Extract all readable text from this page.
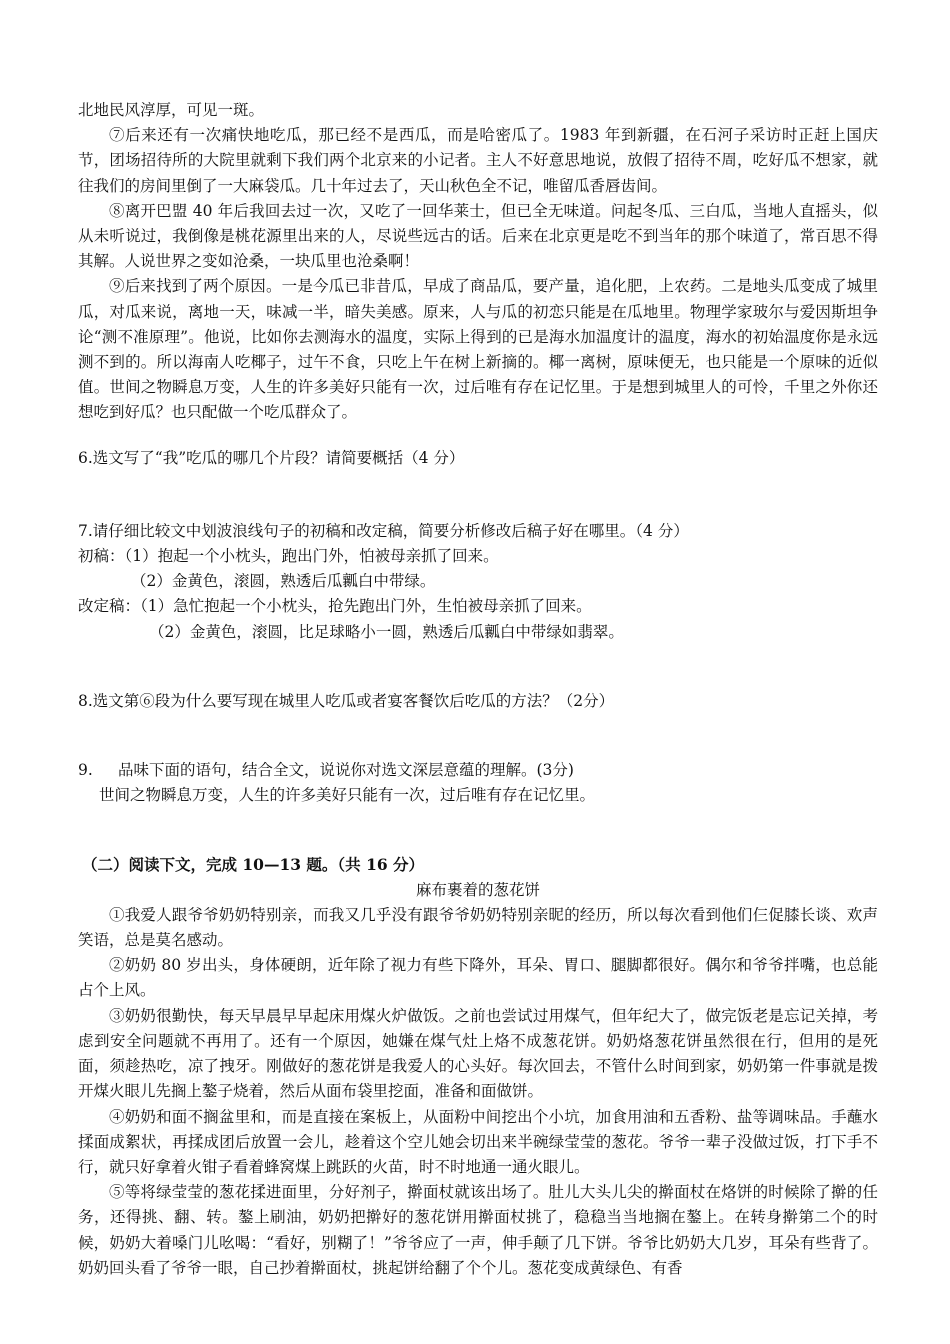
北地民风淳厚，可见一斑。

⑦后来还有一次痛快地吃瓜，那已经不是西瓜，而是哈密瓜了。1983 年到新疆，在石河子采访时正赶上国庆节，团场招待所的大院里就剩下我们两个北京来的小记者。主人不好意思地说，放假了招待不周，吃好瓜不想家，就往我们的房间里倒了一大麻袋瓜。几十年过去了，天山秋色全不记，唯留瓜香唇齿间。

⑧离开巴盟 40 年后我回去过一次，又吃了一回华莱士，但已全无味道。问起冬瓜、三白瓜，当地人直摇头，似从未听说过，我倒像是桃花源里出来的人，尽说些远古的话。后来在北京更是吃不到当年的那个味道了，常百思不得其解。人说世界之变如沧桑，一块瓜里也沧桑啊！

⑨后来找到了两个原因。一是今瓜已非昔瓜，早成了商品瓜，要产量，追化肥，上农药。二是地头瓜变成了城里瓜，对瓜来说，离地一天，味减一半，暗失美感。原来，人与瓜的初恋只能是在瓜地里。物理学家玻尔与爱因斯坦争论“测不准原理”。他说，比如你去测海水的温度，实际上得到的已是海水加温度计的温度，海水的初始温度你是永远测不到的。所以海南人吃椰子，过午不食，只吃上午在树上新摘的。椰一离树，原味便无，也只能是一个原味的近似值。世间之物瞬息万变，人生的许多美好只能有一次，过后唯有存在记忆里。于是想到城里人的可怜，千里之外你还想吃到好瓜？也只配做一个吃瓜群众了。

6.选文写了“我”吃瓜的哪几个片段？请简要概括（4 分）

7.请仔细比较文中划波浪线句子的初稿和改定稿，简要分析修改后稿子好在哪里。（4 分）

初稿：（1）抱起一个小枕头，跑出门外，怕被母亲抓了回来。

（2）金黄色，滚圆，熟透后瓜瓤白中带绿。

改定稿：（1）急忙抱起一个小枕头，抢先跑出门外，生怕被母亲抓了回来。

（2）金黄色，滚圆，比足球略小一圆，熟透后瓜瓤白中带绿如翡翠。

8.选文第⑥段为什么要写现在城里人吃瓜或者宴客餐饮后吃瓜的方法？（2分）

9. 品味下面的语句，结合全文，说说你对选文深层意蕴的理解。(3分)

世间之物瞬息万变，人生的许多美好只能有一次，过后唯有存在记忆里。

（二）阅读下文，完成 10—13 题。（共 16 分）

麻布裹着的葱花饼

①我爱人跟爷爷奶奶特别亲，而我又几乎没有跟爷爷奶奶特别亲昵的经历，所以每次看到他们仨促膝长谈、欢声笑语，总是莫名感动。

②奶奶 80 岁出头，身体硬朗，近年除了视力有些下降外，耳朵、胃口、腿脚都很好。偶尔和爷爷拌嘴，也总能占个上风。

③奶奶很勤快，每天早晨早早起床用煤火炉做饭。之前也尝试过用煤气，但年纪大了，做完饭老是忘记关掉，考虑到安全问题就不再用了。还有一个原因，她嫌在煤气灶上烙不成葱花饼。奶奶烙葱花饼虽然很在行，但用的是死面，须趁热吃，凉了拽牙。刚做好的葱花饼是我爱人的心头好。每次回去，不管什么时间到家，奶奶第一件事就是拨开煤火眼儿先搁上鏊子烧着，然后从面布袋里挖面，准备和面做饼。

④奶奶和面不搁盆里和，而是直接在案板上，从面粉中间挖出个小坑，加食用油和五香粉、盐等调味品。手蘸水揉面成絮状，再揉成团后放置一会儿，趁着这个空儿她会切出来半碗绿莹莹的葱花。爷爷一辈子没做过饭，打下手不行，就只好拿着火钳子看着蜂窝煤上跳跃的火苗，时不时地通一通火眼儿。

⑤等将绿莹莹的葱花揉进面里，分好剂子，擀面杖就该出场了。肚儿大头儿尖的擀面杖在烙饼的时候除了擀的任务，还得挑、翻、转。鏊上刷油，奶奶把擀好的葱花饼用擀面杖挑了，稳稳当当地搁在鏊上。在转身擀第二个的时候，奶奶大着嗓门儿吆喝：“看好，别糊了！”爷爷应了一声，伸手颠了几下饼。爷爷比奶奶大几岁，耳朵有些背了。奶奶回头看了爷爷一眼，自己抄着擀面杖，挑起饼给翻了个个儿。葱花变成黄绿色、有香
